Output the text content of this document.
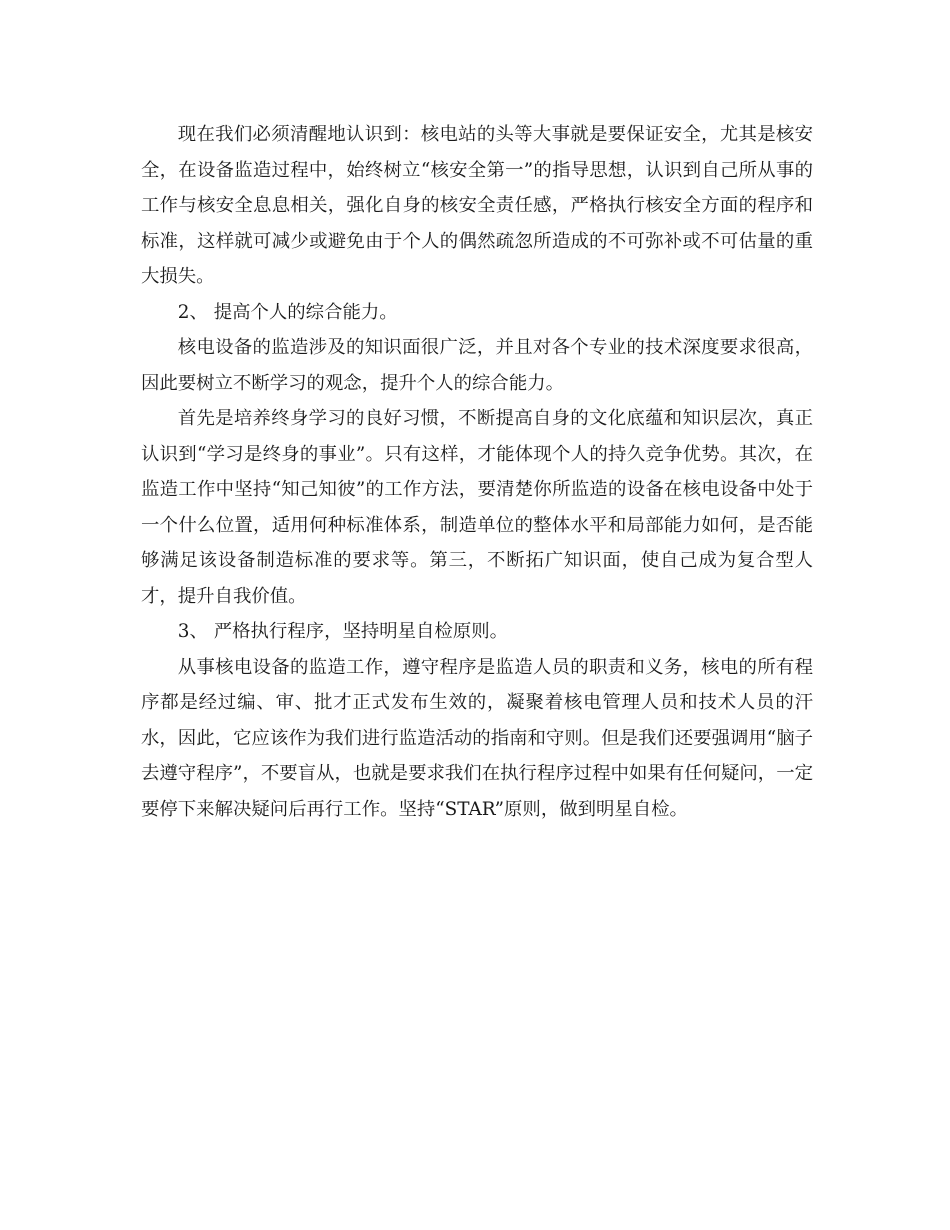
现在我们必须清醒地认识到：核电站的头等大事就是要保证安全，尤其是核安全，在设备监造过程中，始终树立“核安全第一”的指导思想，认识到自己所从事的工作与核安全息息相关，强化自身的核安全责任感，严格执行核安全方面的程序和标准，这样就可减少或避免由于个人的偶然疏忽所造成的不可弥补或不可估量的重大损失。

2、 提高个人的综合能力。

核电设备的监造涉及的知识面很广泛，并且对各个专业的技术深度要求很高，因此要树立不断学习的观念，提升个人的综合能力。

首先是培养终身学习的良好习惯，不断提高自身的文化底蕴和知识层次，真正认识到“学习是终身的事业”。只有这样，才能体现个人的持久竞争优势。其次，在监造工作中坚持“知己知彼”的工作方法，要清楚你所监造的设备在核电设备中处于一个什么位置，适用何种标准体系，制造单位的整体水平和局部能力如何，是否能够满足该设备制造标准的要求等。第三，不断拓广知识面，使自己成为复合型人才，提升自我价值。

3、 严格执行程序，坚持明星自检原则。

从事核电设备的监造工作，遵守程序是监造人员的职责和义务，核电的所有程序都是经过编、审、批才正式发布生效的，凝聚着核电管理人员和技术人员的汗水，因此，它应该作为我们进行监造活动的指南和守则。但是我们还要强调用“脑子去遵守程序”，不要盲从，也就是要求我们在执行程序过程中如果有任何疑问，一定要停下来解决疑问后再行工作。坚持“STAR”原则，做到明星自检。
